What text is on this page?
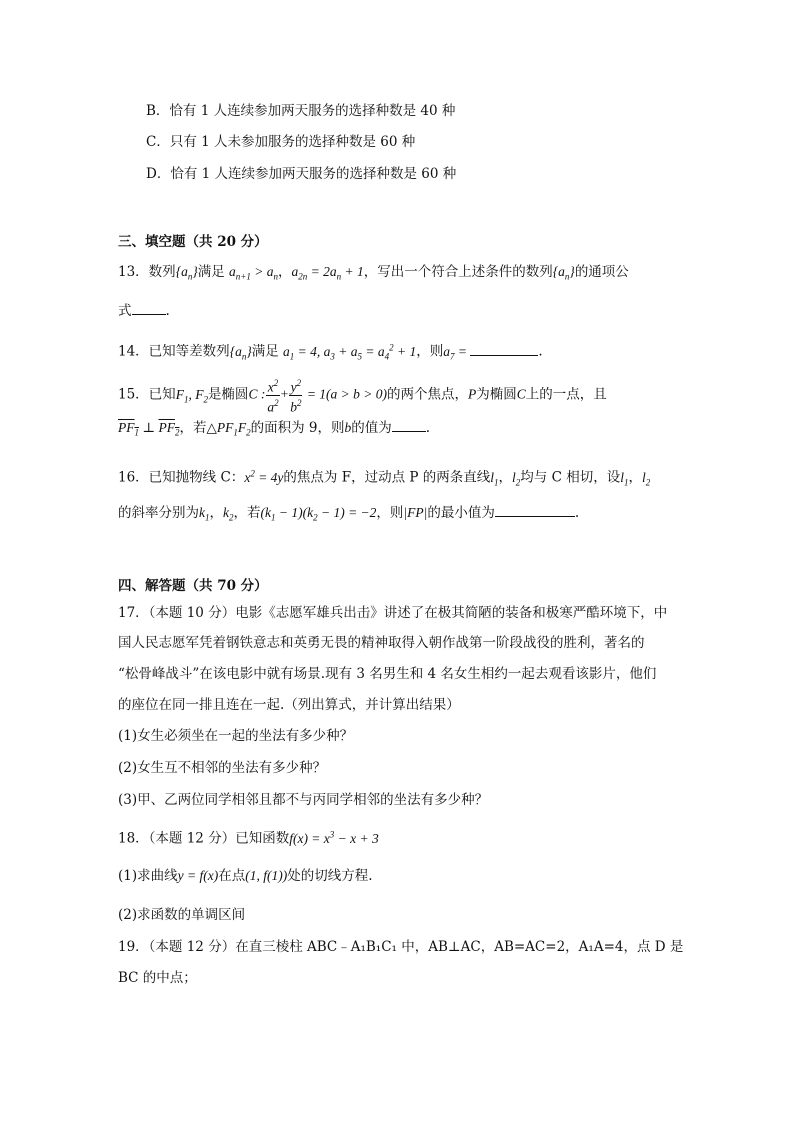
B．恰有 1 人连续参加两天服务的选择种数是 40 种
C．只有 1 人未参加服务的选择种数是 60 种
D．恰有 1 人连续参加两天服务的选择种数是 60 种
三、填空题（共 20 分）
13．数列$\{a_n\}$满足 $a_{n+1} > a_n$，$a_{2n} = 2a_n + 1$，写出一个符合上述条件的数列$\{a_n\}$的通项公
式	.
14．已知等差数列$\{a_n\}$满足 $a_1 = 4$, $a_3 + a_5 = a_4^2 + 1$，则$a_7$ =	.
15．已知$F_1$, $F_2$是椭圆C : $\frac{x^2}{a^2} + \frac{y^2}{b^2} = 1(a > b > 0)$的两个焦点，P为椭圆C上的一点，且
$PF_1$ ⊥ $PF_2$，若$\triangle PF_1F_2$的面积为 9，则b的值为	.
16．已知抛物线 C：$x^2 = 4y$的焦点为 F，过动点 P 的两条直线$l_1$，$l_2$均与 C 相切，设$l_1$，$l_2$
的斜率分别为$k_1$，$k_2$，若$(k_1 - 1)(k_2 - 1) = -2$，则|FP|的最小值为	.
四、解答题（共 70 分）
17．（本题 10 分）电影《志愿军雄兵出击》讲述了在极其简陋的装备和极寒严酷环境下，中
国人民志愿军凭着钢铁意志和英勇无畏的精神取得入朝作战第一阶段战役的胜利，著名的
“松骨峰战斗”在该电影中就有场景.现有 3 名男生和 4 名女生相约一起去观看该影片，他们
的座位在同一排且连在一起.（列出算式，并计算出结果）
(1)女生必须坐在一起的坐法有多少种？
(2)女生互不相邻的坐法有多少种？
(3)甲、乙两位同学相邻且都不与丙同学相邻的坐法有多少种？
18．（本题 12 分）已知函数$f(x) = x^3 - x + 3$
(1)求曲线y = f(x)在点(1, f(1))处的切线方程.
(2)求函数的单调区间
19．（本题 12 分）在直三棱柱 ABC﹣A₁B₁C₁ 中，AB⊥AC，AB=AC=2，A₁A=4，点 D 是
BC 的中点；
